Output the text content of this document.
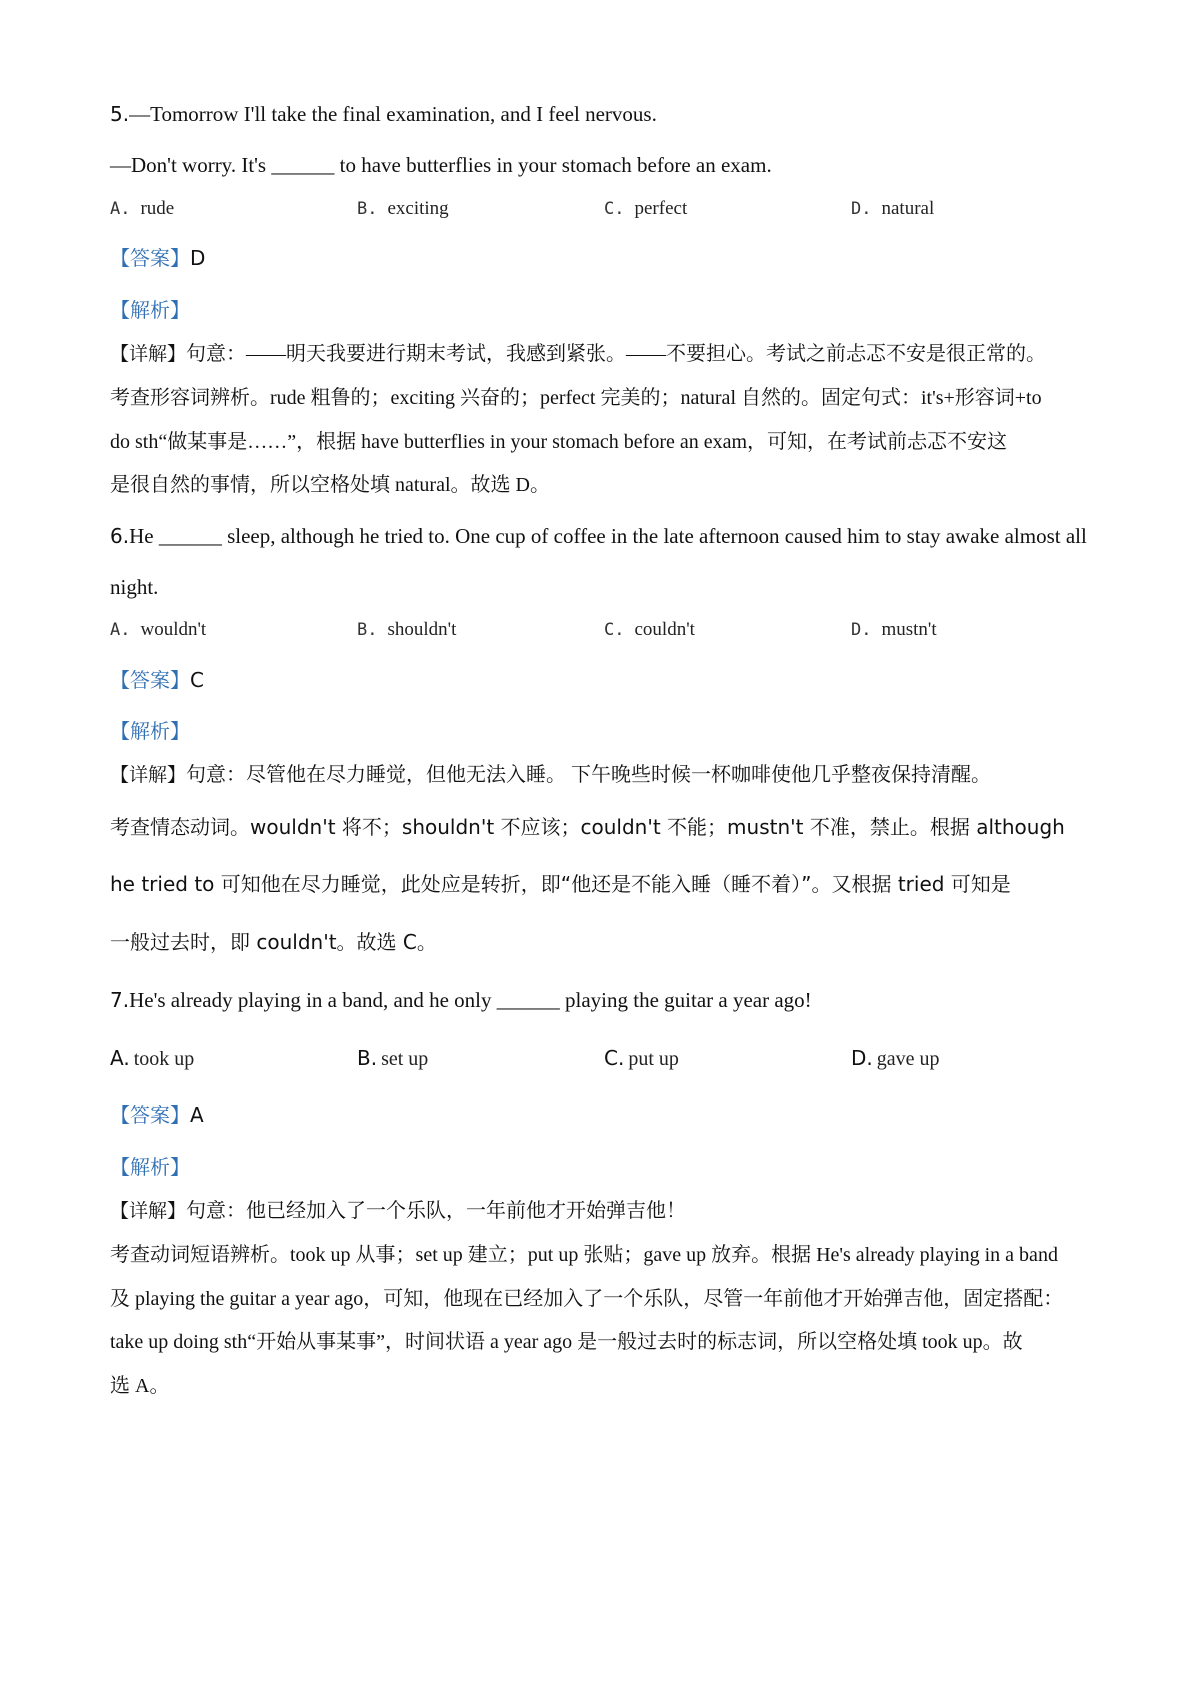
5.—Tomorrow I'll take the final examination, and I feel nervous.
—Don't worry. It's ______ to have butterflies in your stomach before an exam.
A. rude	B. exciting	C. perfect	D. natural
【答案】D
【解析】
【详解】句意：——明天我要进行期末考试，我感到紧张。——不要担心。考试之前忐忑不安是很正常的。
考查形容词辨析。rude 粗鲁的；exciting 兴奋的；perfect 完美的；natural 自然的。固定句式：it's+形容词+to
do sth“做某事是……”，根据 have butterflies in your stomach before an exam，可知，在考试前忐忑不安这
是很自然的事情，所以空格处填 natural。故选 D。
6.He ______ sleep, although he tried to. One cup of coffee in the late afternoon caused him to stay awake almost all
night.
A. wouldn't	B. shouldn't	C. couldn't	D. mustn't
【答案】C
【解析】
【详解】句意：尽管他在尽力睡觉，但他无法入睡。 下午晚些时候一杯咖啡使他几乎整夜保持清醒。
考查情态动词。wouldn't 将不；shouldn't 不应该；couldn't 不能；mustn't 不准，禁止。根据 although
he tried to 可知他在尽力睡觉，此处应是转折，即“他还是不能入睡（睡不着）”。又根据 tried 可知是
一般过去时，即 couldn't。故选 C。
7.He's already playing in a band, and he only ______ playing the guitar a year ago!
A. took up	B. set up	C. put up	D. gave up
【答案】A
【解析】
【详解】句意：他已经加入了一个乐队，一年前他才开始弹吉他！
考查动词短语辨析。took up 从事；set up 建立；put up 张贴；gave up 放弃。根据 He's already playing in a band
及 playing the guitar a year ago，可知，他现在已经加入了一个乐队，尽管一年前他才开始弹吉他，固定搭配：
take up doing sth“开始从事某事”，时间状语 a year ago 是一般过去时的标志词，所以空格处填 took up。故
选 A。
